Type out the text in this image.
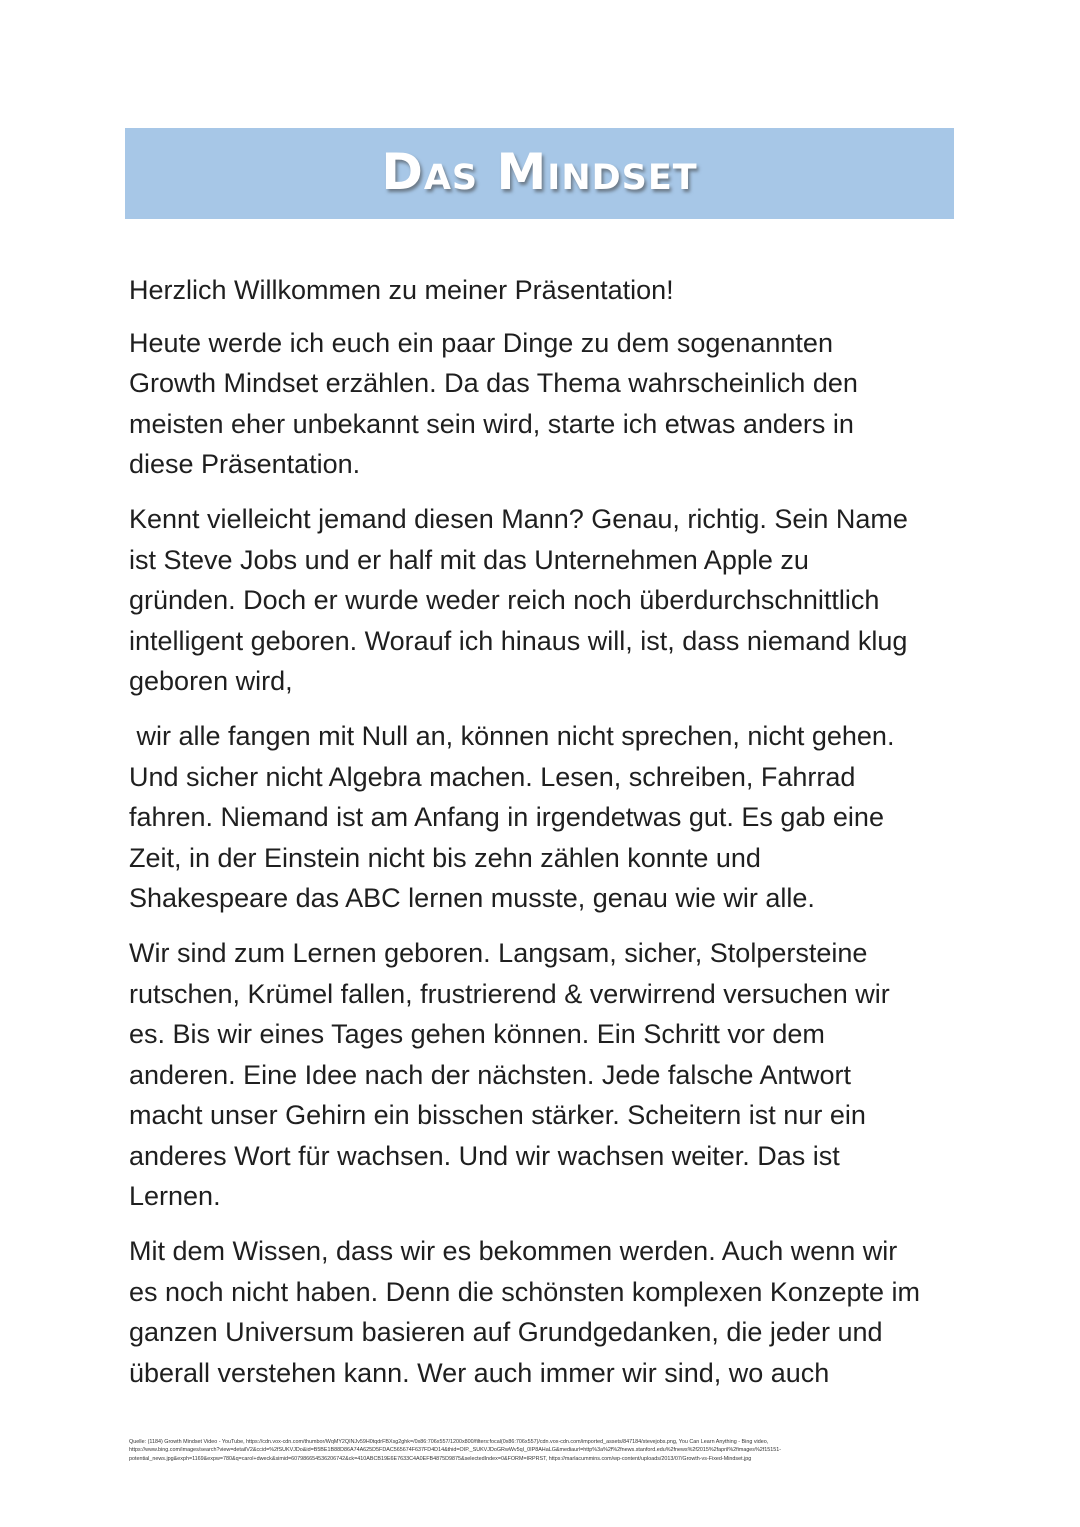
Das Mindset

Herzlich Willkommen zu meiner Präsentation!

Heute werde ich euch ein paar Dinge zu dem sogenannten
Growth Mindset erzählen. Da das Thema wahrscheinlich den
meisten eher unbekannt sein wird, starte ich etwas anders in
diese Präsentation.

Kennt vielleicht jemand diesen Mann? Genau, richtig. Sein Name
ist Steve Jobs und er half mit das Unternehmen Apple zu
gründen. Doch er wurde weder reich noch überdurchschnittlich
intelligent geboren. Worauf ich hinaus will, ist, dass niemand klug
geboren wird,

wir alle fangen mit Null an, können nicht sprechen, nicht gehen.
Und sicher nicht Algebra machen. Lesen, schreiben, Fahrrad
fahren. Niemand ist am Anfang in irgendetwas gut. Es gab eine
Zeit, in der Einstein nicht bis zehn zählen konnte und
Shakespeare das ABC lernen musste, genau wie wir alle.

Wir sind zum Lernen geboren. Langsam, sicher, Stolpersteine
rutschen, Krümel fallen, frustrierend & verwirrend versuchen wir
es. Bis wir eines Tages gehen können. Ein Schritt vor dem
anderen. Eine Idee nach der nächsten. Jede falsche Antwort
macht unser Gehirn ein bisschen stärker. Scheitern ist nur ein
anderes Wort für wachsen. Und wir wachsen weiter. Das ist
Lernen.

Mit dem Wissen, dass wir es bekommen werden. Auch wenn wir
es noch nicht haben. Denn die schönsten komplexen Konzepte im
ganzen Universum basieren auf Grundgedanken, die jeder und
überall verstehen kann. Wer auch immer wir sind, wo auch

Quelle: (1184) Growth Mindset Video - YouTube, https://cdn.vox-cdn.com/thumbor/WqMY2QINJv59H0tqdrFBXsg2ghk=/0x86:706x557/1200x800/filters:focal(0x86:706x557)/cdn.vox-cdn.com/imported_assets/847184/stevejobs.png, You Can Learn Anything - Bing video,
https://www.bing.com/images/search?view=detailV2&ccid=%2fSUKVJDo&id=B5BE1B88D86A74A625D5FDAC565674F637FD4D14&thid=OIP._SUKVJDoGRwWv5qI_0IP8AHaLG&mediaurl=http%3a%2f%2fnews.stanford.edu%2fnews%2f2015%2fapril%2fimages%2f15151-
potential_news.jpg&exph=1169&expw=780&q=carol+dweck&simid=607986654536206742&ck=410ABCB19E6E7633C4A0EFB4875D9875&selectedIndex=0&FORM=IRPRST, https://marlacummins.com/wp-content/uploads/2013/07/Growth-vs-Fixed-Mindset.jpg
